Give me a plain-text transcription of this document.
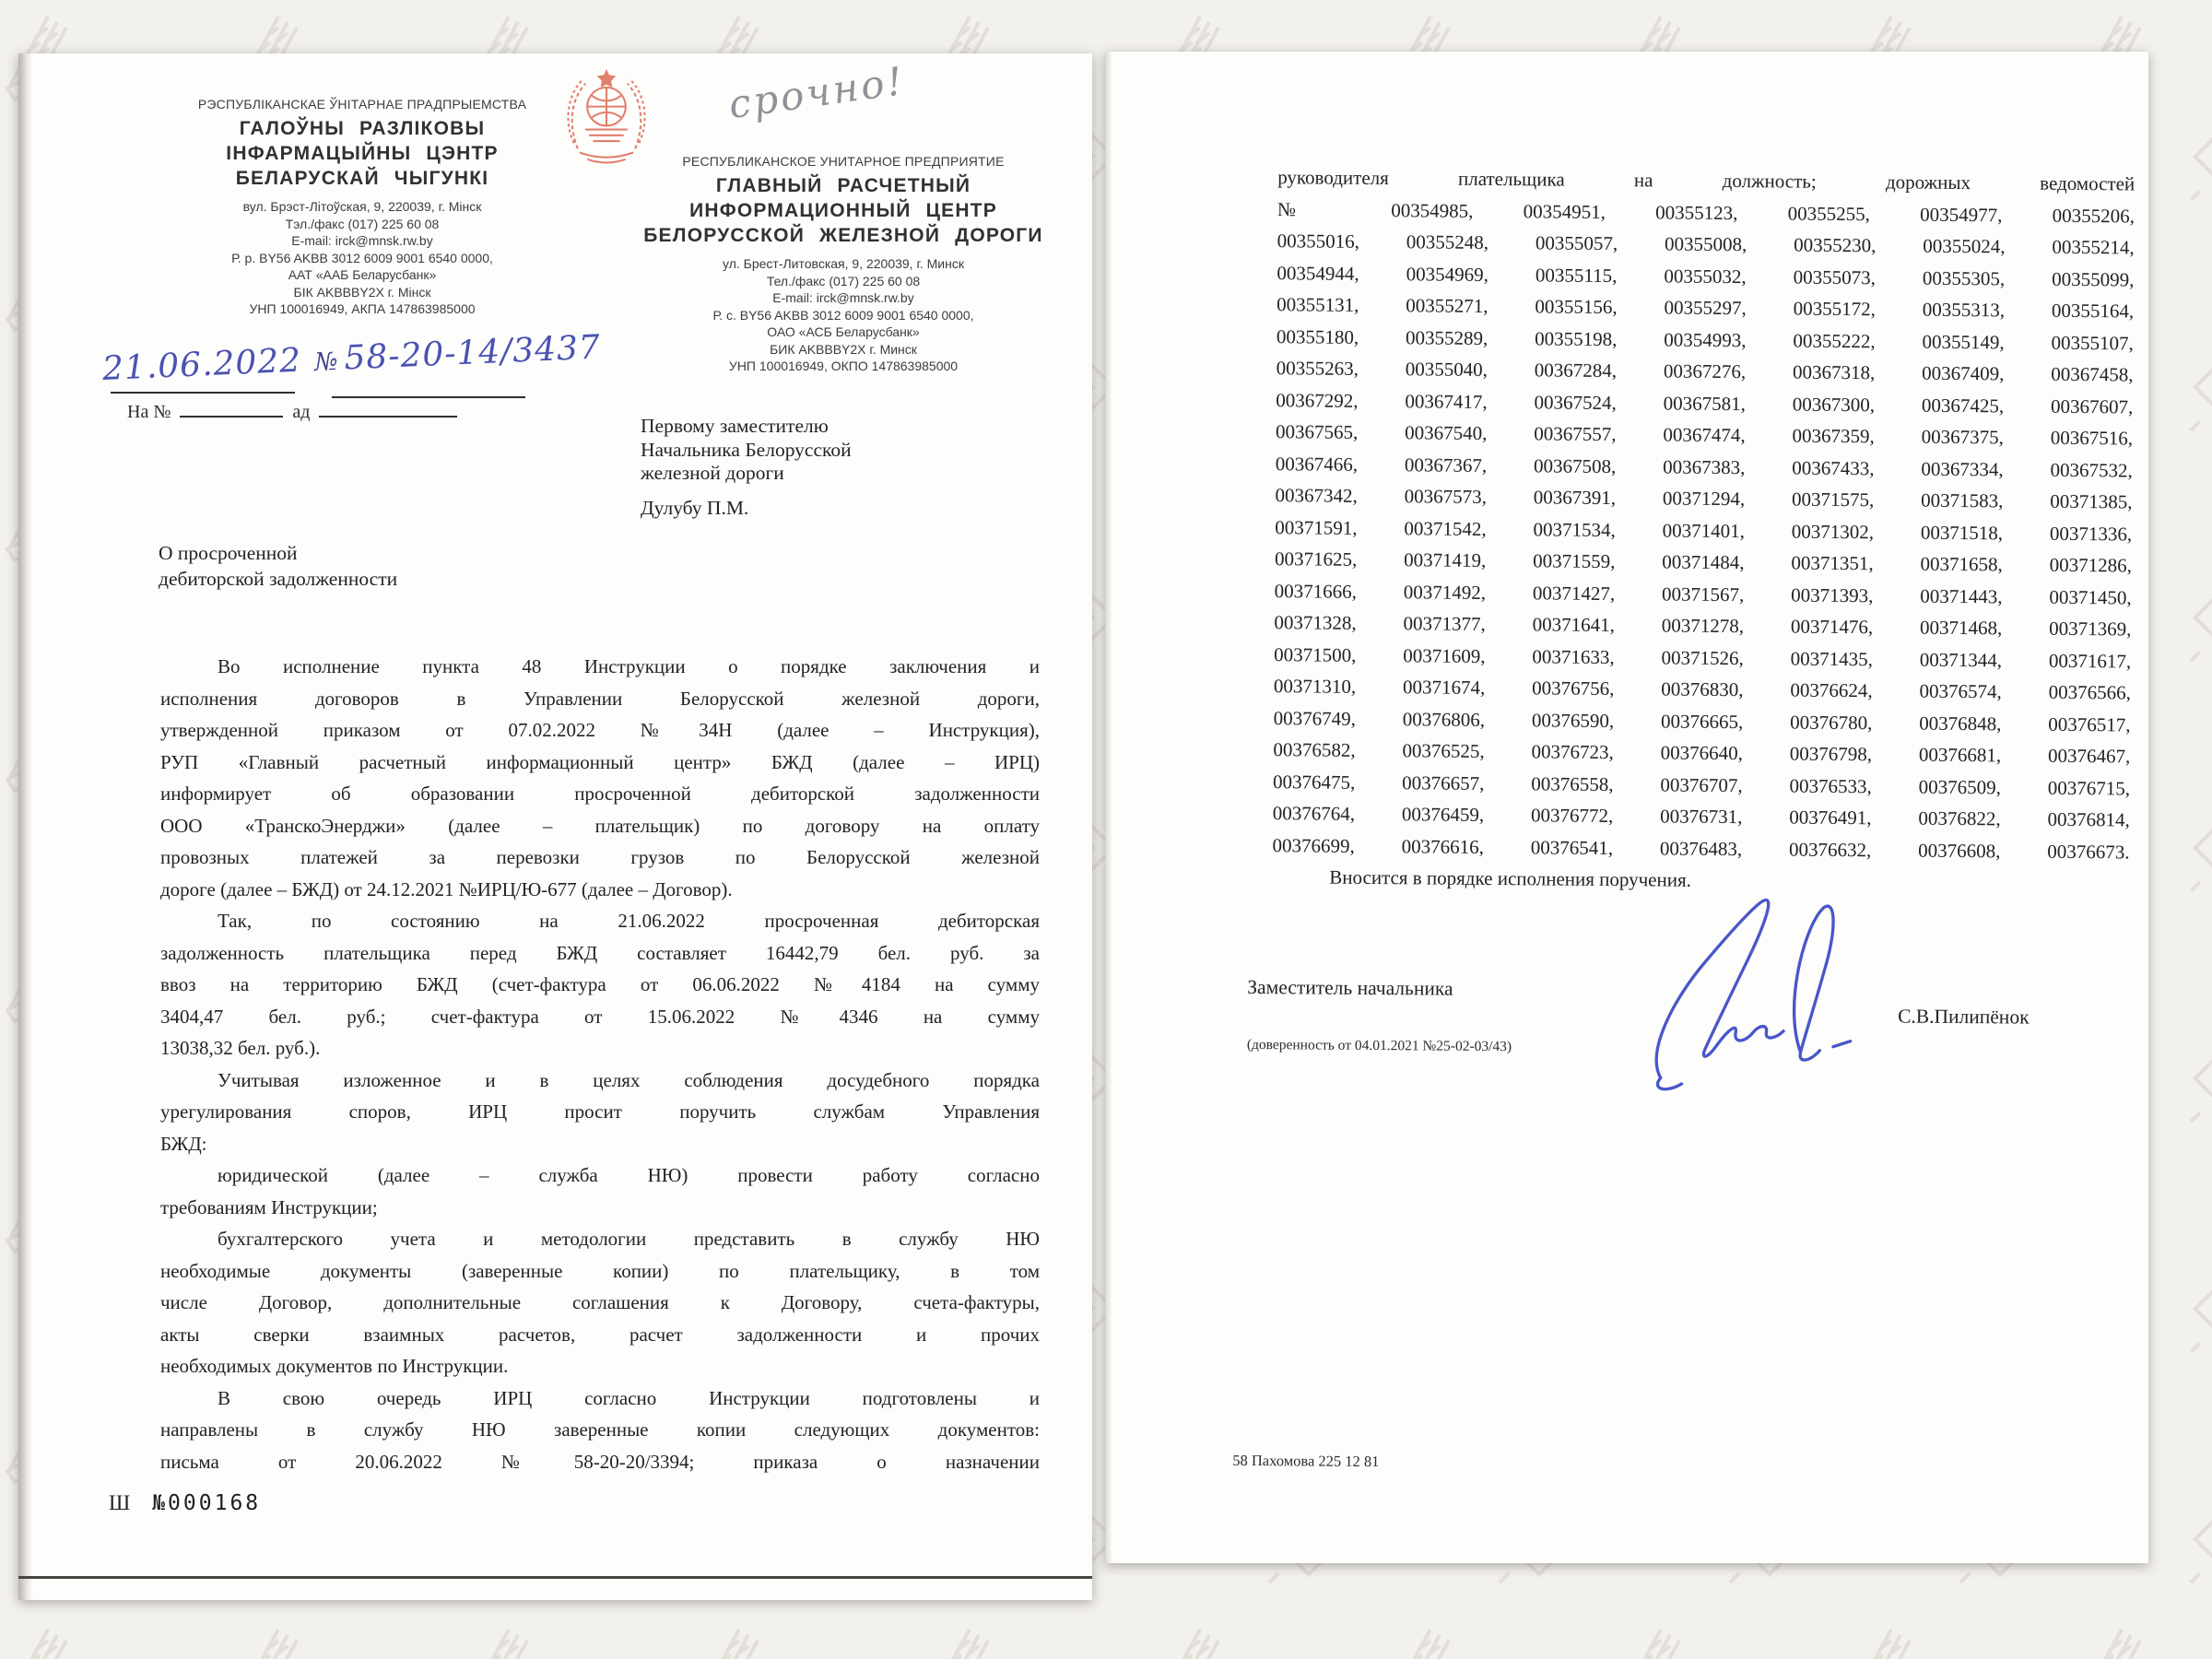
срочно!
РЭСПУБЛІКАНСКАЕ ЎНІТАРНАЕ ПРАДПРЫЕМСТВА
ГАЛОЎНЫ РАЗЛІКОВЫ
ІНФАРМАЦЫЙНЫ ЦЭНТР
БЕЛАРУСКАЙ ЧЫГУНКІ
вул. Брэст-Літоўская, 9, 220039, г. Мінск
Тэл./факс (017) 225 60 08
E-mail: irck@mnsk.rw.by
Р. р. BY56 AKBB 3012 6009 9001 6540 0000,
ААТ «ААБ Беларусбанк»
БІК AKBBBY2X г. Мінск
УНП 100016949, АКПА 147863985000
РЕСПУБЛИКАНСКОЕ УНИТАРНОЕ ПРЕДПРИЯТИЕ
ГЛАВНЫЙ РАСЧЕТНЫЙ
ИНФОРМАЦИОННЫЙ ЦЕНТР
БЕЛОРУССКОЙ ЖЕЛЕЗНОЙ ДОРОГИ
ул. Брест-Литовская, 9, 220039, г. Минск
Тел./факс (017) 225 60 08
E-mail: irck@mnsk.rw.by
Р. с. BY56 AKBB 3012 6009 9001 6540 0000,
ОАО «АСБ Беларусбанк»
БИК AKBBBY2X г. Минск
УНП 100016949, ОКПО 147863985000
21.06.2022 № 58-20-14/3437
На №	ад
Первому заместителю
Начальника Белорусской
железной дороги
Дулубу П.М.
О просроченной
дебиторской задолженности
Во исполнение пункта 48 Инструкции о порядке заключения и
исполнения договоров в Управлении Белорусской железной дороги,
утвержденной приказом от 07.02.2022 №34Н (далее – Инструкция),
РУП «Главный расчетный информационный центр» БЖД (далее – ИРЦ)
информирует об образовании просроченной дебиторской задолженности
ООО «ТранскоЭнерджи» (далее – плательщик) по договору на оплату
провозных платежей за перевозки грузов по Белорусской железной
дороге (далее – БЖД) от 24.12.2021 №ИРЦ/Ю-677 (далее – Договор).
Так, по состоянию на 21.06.2022 просроченная дебиторская
задолженность плательщика перед БЖД составляет 16442,79 бел. руб. за
ввоз на территорию БЖД (счет-фактура от 06.06.2022 №4184 на сумму
3404,47 бел. руб.; счет-фактура от 15.06.2022 №4346 на сумму
13038,32 бел. руб.).
Учитывая изложенное и в целях соблюдения досудебного порядка
урегулирования споров, ИРЦ просит поручить службам Управления
БЖД:
юридической (далее – служба НЮ) провести работу согласно
требованиям Инструкции;
бухгалтерского учета и методологии представить в службу НЮ
необходимые документы (заверенные копии) по плательщику, в том
числе Договор, дополнительные соглашения к Договору, счета-фактуры,
акты сверки взаимных расчетов, расчет задолженности и прочих
необходимых документов по Инструкции.
В свою очередь ИРЦ согласно Инструкции подготовлены и
направлены в службу НЮ заверенные копии следующих документов:
письма от 20.06.2022 №58-20-20/3394; приказа о назначении
Ш №000168
руководителя плательщика на должность; дорожных ведомостей
№ 00354985, 00354951, 00355123, 00355255, 00354977, 00355206,
00355016, 00355248, 00355057, 00355008, 00355230, 00355024, 00355214,
00354944, 00354969, 00355115, 00355032, 00355073, 00355305, 00355099,
00355131, 00355271, 00355156, 00355297, 00355172, 00355313, 00355164,
00355180, 00355289, 00355198, 00354993, 00355222, 00355149, 00355107,
00355263, 00355040, 00367284, 00367276, 00367318, 00367409, 00367458,
00367292, 00367417, 00367524, 00367581, 00367300, 00367425, 00367607,
00367565, 00367540, 00367557, 00367474, 00367359, 00367375, 00367516,
00367466, 00367367, 00367508, 00367383, 00367433, 00367334, 00367532,
00367342, 00367573, 00367391, 00371294, 00371575, 00371583, 00371385,
00371591, 00371542, 00371534, 00371401, 00371302, 00371518, 00371336,
00371625, 00371419, 00371559, 00371484, 00371351, 00371658, 00371286,
00371666, 00371492, 00371427, 00371567, 00371393, 00371443, 00371450,
00371328, 00371377, 00371641, 00371278, 00371476, 00371468, 00371369,
00371500, 00371609, 00371633, 00371526, 00371435, 00371344, 00371617,
00371310, 00371674, 00376756, 00376830, 00376624, 00376574, 00376566,
00376749, 00376806, 00376590, 00376665, 00376780, 00376848, 00376517,
00376582, 00376525, 00376723, 00376640, 00376798, 00376681, 00376467,
00376475, 00376657, 00376558, 00376707, 00376533, 00376509, 00376715,
00376764, 00376459, 00376772, 00376731, 00376491, 00376822, 00376814,
00376699, 00376616, 00376541, 00376483, 00376632, 00376608, 00376673.
Вносится в порядке исполнения поручения.
Заместитель начальника
С.В.Пилипёнок
(доверенность от 04.01.2021 №25-02-03/43)
58 Пахомова 225 12 81
